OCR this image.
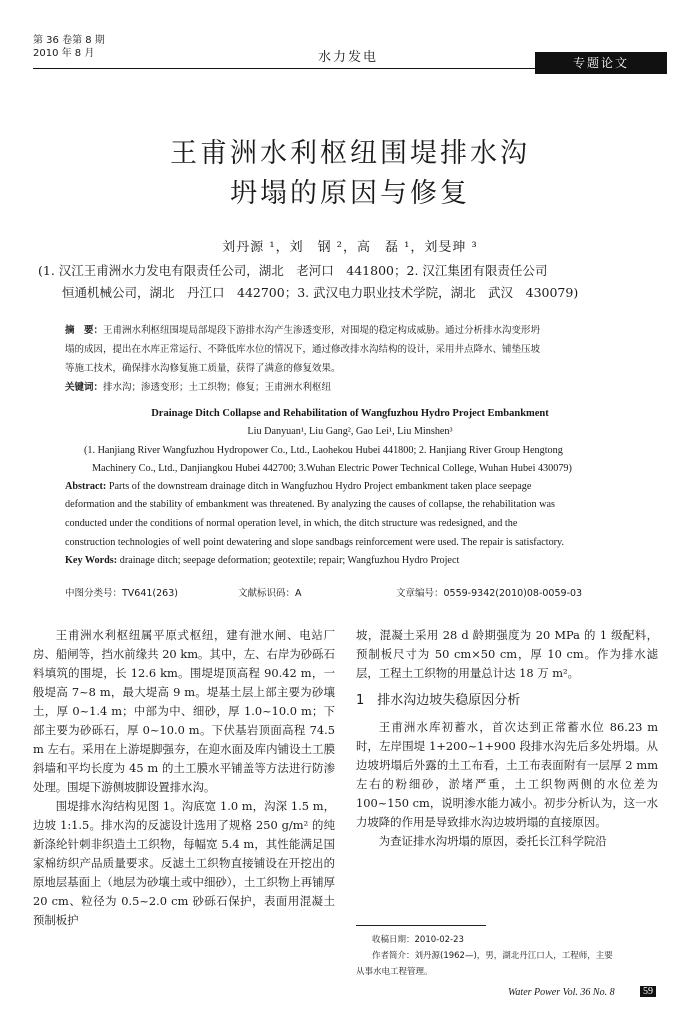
第 36 卷第 8 期
2010 年 8 月	水力发电	专题论文
王甫洲水利枢纽围堤排水沟
坍塌的原因与修复
刘丹源 ¹，刘　钢 ²，高　磊 ¹，刘旻珅 ³
(1. 汉江王甫洲水力发电有限责任公司，湖北　老河口　441800；2. 汉江集团有限责任公司
恒通机械公司，湖北　丹江口　442700；3. 武汉电力职业技术学院，湖北　武汉　430079)
摘　要：王甫洲水利枢纽围堤局部堤段下游排水沟产生渗透变形，对围堤的稳定构成威胁。通过分析排水沟变形坍
塌的成因，提出在水库正常运行、不降低库水位的情况下，通过修改排水沟结构的设计，采用井点降水、铺垫压坡
等施工技术，确保排水沟修复施工质量，获得了满意的修复效果。
关键词：排水沟；渗透变形；土工织物；修复；王甫洲水利枢纽
Drainage Ditch Collapse and Rehabilitation of Wangfuzhou Hydro Project Embankment
Liu Danyuan¹, Liu Gang², Gao Lei¹, Liu Minshen³
(1. Hanjiang River Wangfuzhou Hydropower Co., Ltd., Laohekou Hubei 441800; 2. Hanjiang River Group Hengtong
Machinery Co., Ltd., Danjiangkou Hubei 442700; 3.Wuhan Electric Power Technical College, Wuhan Hubei 430079)
Abstract: Parts of the downstream drainage ditch in Wangfuzhou Hydro Project embankment taken place seepage
deformation and the stability of embankment was threatened. By analyzing the causes of collapse, the rehabilitation was
conducted under the conditions of normal operation level, in which, the ditch structure was redesigned, and the
construction technologies of well point dewatering and slope sandbags reinforcement were used. The repair is satisfactory.
Key Words: drainage ditch; seepage deformation; geotextile; repair; Wangfuzhou Hydro Project
中图分类号：TV641(263)	文献标识码：A	文章编号：0559-9342(2010)08-0059-03

王甫洲水利枢纽属平原式枢纽，建有泄水闸、电站厂房、船闸等，挡水前缘共 20 km。其中，左、右岸为砂砾石料填筑的围堤，长 12.6 km。围堤堤顶高程 90.42 m，一般堤高 7~8 m，最大堤高 9 m。堤基土层上部主要为砂壤土，厚 0~1.4 m；中部为中、细砂，厚 1.0~10.0 m；下部主要为砂砾石，厚 0~10.0 m。下伏基岩顶面高程 74.5 m 左右。采用在上游堤脚强夯，在迎水面及库内铺设土工膜斜墙和平均长度为 45 m 的土工膜水平铺盖等方法进行防渗处理。围堤下游侧坡脚设置排水沟。

围堤排水沟结构见图 1。沟底宽 1.0 m，沟深 1.5 m，边坡 1:1.5。排水沟的反滤设计选用了规格 250 g/m² 的纯新涤纶针刺非织造土工织物，每幅宽 5.4 m，其性能满足国家棉纺织产品质量要求。反滤土工织物直接铺设在开挖出的原地层基面上（地层为砂壤土或中细砂），土工织物上再铺厚 20 cm、粒径为 0.5~2.0 cm 砂砾石保护，表面用混凝土预制板护

坡，混凝土采用 28 d 龄期强度为 20 MPa 的 1 级配料，预制板尺寸为 50 cm×50 cm，厚 10 cm。作为排水滤层，工程土工织物的用量总计达 18 万 m²。

1　排水沟边坡失稳原因分析

王甫洲水库初蓄水，首次达到正常蓄水位 86.23 m 时，左岸围堤 1+200~1+900 段排水沟先后多处坍塌。从边坡坍塌后外露的土工布看，土工布表面附有一层厚 2 mm 左右的粉细砂，淤堵严重，土工织物两侧的水位差为 100~150 cm，说明渗水能力减小。初步分析认为，这一水力坡降的作用是导致排水沟边坡坍塌的直接原因。

为查证排水沟坍塌的原因，委托长江科学院沿

收稿日期：2010-02-23
作者简介：刘丹源(1962—)，男，湖北丹江口人，工程师，主要
从事水电工程管理。
Water Power Vol. 36 No. 8	59
